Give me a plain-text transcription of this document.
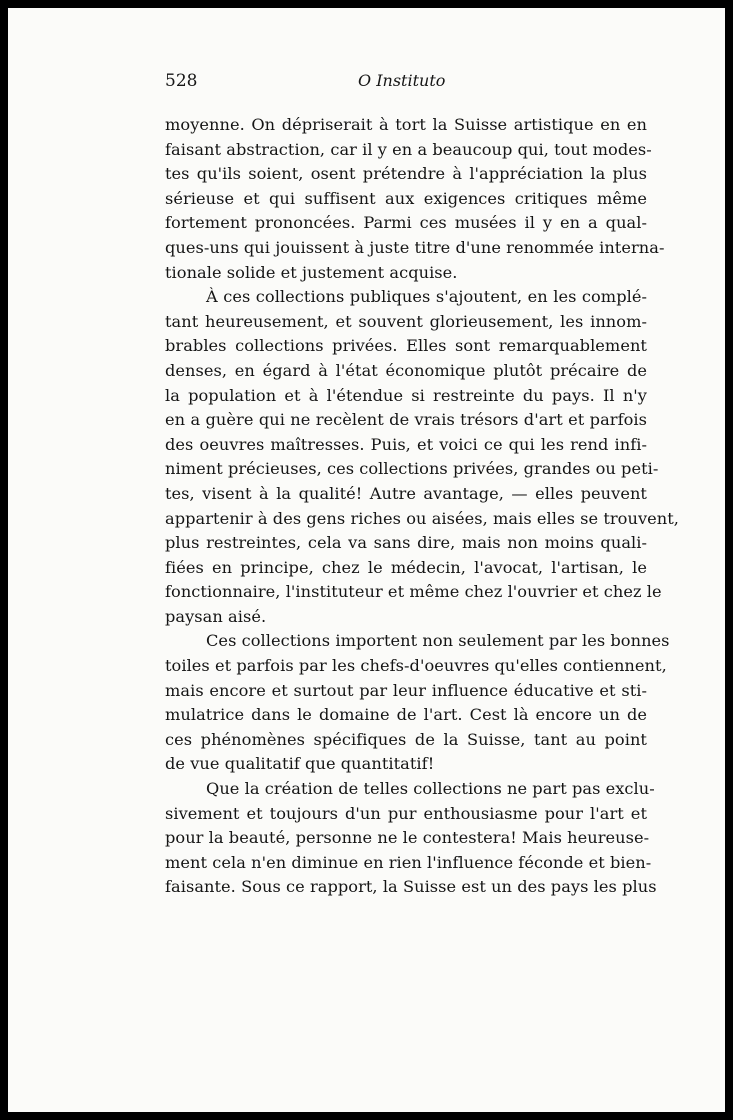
528	O Instituto
moyenne. On dépriserait à tort la Suisse artistique en en
faisant abstraction, car il y en a beaucoup qui, tout modes-
tes qu'ils soient, osent prétendre à l'appréciation la plus
sérieuse et qui suffisent aux exigences critiques même
fortement prononcées. Parmi ces musées il y en a qual-
ques-uns qui jouissent à juste titre d'une renommée interna-
tionale solide et justement acquise.
À ces collections publiques s'ajoutent, en les complé-
tant heureusement, et souvent glorieusement, les innom-
brables collections privées. Elles sont remarquablement
denses, en égard à l'état économique plutôt précaire de
la population et à l'étendue si restreinte du pays. Il n'y
en a guère qui ne recèlent de vrais trésors d'art et parfois
des oeuvres maîtresses. Puis, et voici ce qui les rend infi-
niment précieuses, ces collections privées, grandes ou peti-
tes, visent à la qualité! Autre avantage, — elles peuvent
appartenir à des gens riches ou aisées, mais elles se trouvent,
plus restreintes, cela va sans dire, mais non moins quali-
fiées en principe, chez le médecin, l'avocat, l'artisan, le
fonctionnaire, l'instituteur et même chez l'ouvrier et chez le
paysan aisé.
Ces collections importent non seulement par les bonnes
toiles et parfois par les chefs-d'oeuvres qu'elles contiennent,
mais encore et surtout par leur influence éducative et sti-
mulatrice dans le domaine de l'art. Cest là encore un de
ces phénomènes spécifiques de la Suisse, tant au point
de vue qualitatif que quantitatif!
Que la création de telles collections ne part pas exclu-
sivement et toujours d'un pur enthousiasme pour l'art et
pour la beauté, personne ne le contestera! Mais heureuse-
ment cela n'en diminue en rien l'influence féconde et bien-
faisante. Sous ce rapport, la Suisse est un des pays les plus
